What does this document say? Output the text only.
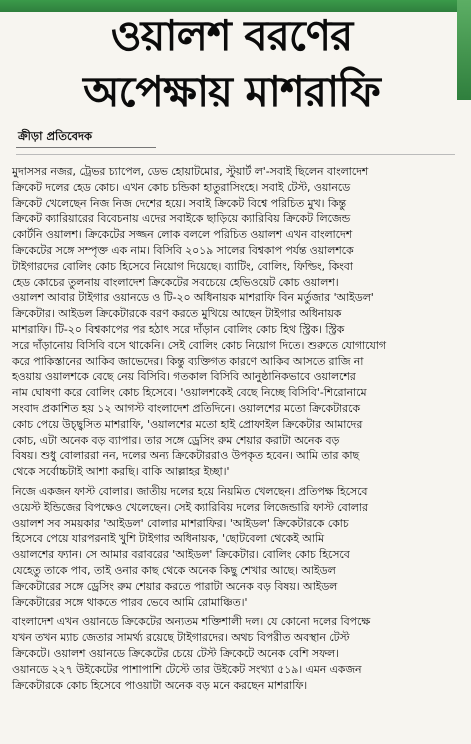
ওয়ালশ বরণের
অপেক্ষায় মাশরাফি
ক্রীড়া প্রতিবেদক
মুদাসসর নজর, ট্রেভর চ্যাপেল, ডেভ হোয়াটমোর, স্টুয়ার্ট ল'-সবাই ছিলেন বাংলাদেশ
ক্রিকেট দলের হেড কোচ। এখন কোচ চন্ডিকা হাতুরাসিংহে। সবাই টেস্ট, ওয়ানডে
ক্রিকেট খেলেছেন নিজ নিজ দেশের হয়ে। সবাই ক্রিকেট বিশ্বে পরিচিত মুখ। কিন্তু
ক্রিকেট ক্যারিয়ারের বিবেচনায় এদের সবাইকে ছাড়িয়ে ক্যারিবিয় ক্রিকেট লিজেন্ড
কোর্টনি ওয়ালশ। ক্রিকেটের সজ্জন লোক বললে পরিচিত ওয়ালশ এখন বাংলাদেশ
ক্রিকেটের সঙ্গে সম্পৃক্ত এক নাম। বিসিবি ২০১৯ সালের বিশ্বকাপ পর্যন্ত ওয়ালশকে
টাইগারদের বোলিং কোচ হিসেবে নিয়োগ দিয়েছে। ব্যাটিং, বোলিং, ফিল্ডিং, কিংবা
হেড কোচের তুলনায় বাংলাদেশ ক্রিকেটের সবচেয়ে হেভিওয়েট কোচ ওয়ালশ।
ওয়ালশ আবার টাইগার ওয়ানডে ও টি-২০ অধিনায়ক মাশরাফি বিন মর্তুজার 'আইডল'
ক্রিকেটার। আইডল ক্রিকেটারকে বরণ করতে মুখিয়ে আছেন টাইগার অধিনায়ক
মাশরাফি। টি-২০ বিশ্বকাপের পর হঠাৎ সরে দাঁড়ান বোলিং কোচ হিথ স্ট্রিক। স্ট্রিক
সরে দাঁড়ানোয় বিসিবি বসে থাকেনি। সেই বোলিং কোচ নিয়োগ দিতে। শুরুতে যোগাযোগ
করে পাকিস্তানের আকিব জাভেদের। কিন্তু ব্যক্তিগত কারণে আকিব আসতে রাজি না
হওয়ায় ওয়ালশকে বেছে নেয় বিসিবি। গতকাল বিসিবি আনুষ্ঠানিকভাবে ওয়ালশের
নাম ঘোষণা করে বোলিং কোচ হিসেবে। 'ওয়ালশকেই বেছে নিচ্ছে বিসিবি'-শিরোনামে
সংবাদ প্রকাশিত হয় ১২ আগস্ট বাংলাদেশ প্রতিদিনে। ওয়ালশের মতো ক্রিকেটারকে
কোচ পেয়ে উচ্ছ্বসিত মাশরাফি, 'ওয়ালশের মতো হাই প্রোফাইল ক্রিকেটার আমাদের
কোচ, এটা অনেক বড় ব্যাপার। তার সঙ্গে ড্রেসিং রুম শেয়ার করাটা অনেক বড়
বিষয়। শুধু বোলাররা নন, দলের অন্য ক্রিকেটাররাও উপকৃত হবেন। আমি তার কাছ
থেকে সর্বোচ্চটাই আশা করছি। বাকি আল্লাহর ইচ্ছা।'
নিজে একজন ফাস্ট বোলার। জাতীয় দলের হয়ে নিয়মিত খেলছেন। প্রতিপক্ষ হিসেবে
ওয়েস্ট ইন্ডিজের বিপক্ষেও খেলেছেন। সেই ক্যারিবিয় দলের লিজেন্ডারি ফাস্ট বোলার
ওয়ালশ সব সময়কার 'আইডল' বোলার মাশরাফির। 'আইডল' ক্রিকেটারকে কোচ
হিসেবে পেয়ে যারপরনাই খুশি টাইগার অধিনায়ক, 'ছোটবেলা থেকেই আমি
ওয়ালশের ফ্যান। সে আমার বরাবরের 'আইডল' ক্রিকেটার। বোলিং কোচ হিসেবে
যেহেতু তাকে পাব, তাই ওনার কাছ থেকে অনেক কিছু শেখার আছে। আইডল
ক্রিকেটারের সঙ্গে ড্রেসিং রুম শেয়ার করতে পারাটা অনেক বড় বিষয়। আইডল
ক্রিকেটারের সঙ্গে থাকতে পারব ভেবে আমি রোমাঞ্চিত।'
বাংলাদেশ এখন ওয়ানডে ক্রিকেটের অন্যতম শক্তিশালী দল। যে কোনো দলের বিপক্ষে
যখন তখন ম্যাচ জেতার সামর্থ্য রয়েছে টাইগারদের। অথচ বিপরীত অবস্থান টেস্ট
ক্রিকেটে। ওয়ালশ ওয়ানডে ক্রিকেটের চেয়ে টেস্ট ক্রিকেটে অনেক বেশি সফল।
ওয়ানডে ২২৭ উইকেটের পাশাপাশি টেস্টে তার উইকেট সংখ্যা ৫১৯। এমন একজন
ক্রিকেটারকে কোচ হিসেবে পাওয়াটা অনেক বড় মনে করছেন মাশরাফি।
